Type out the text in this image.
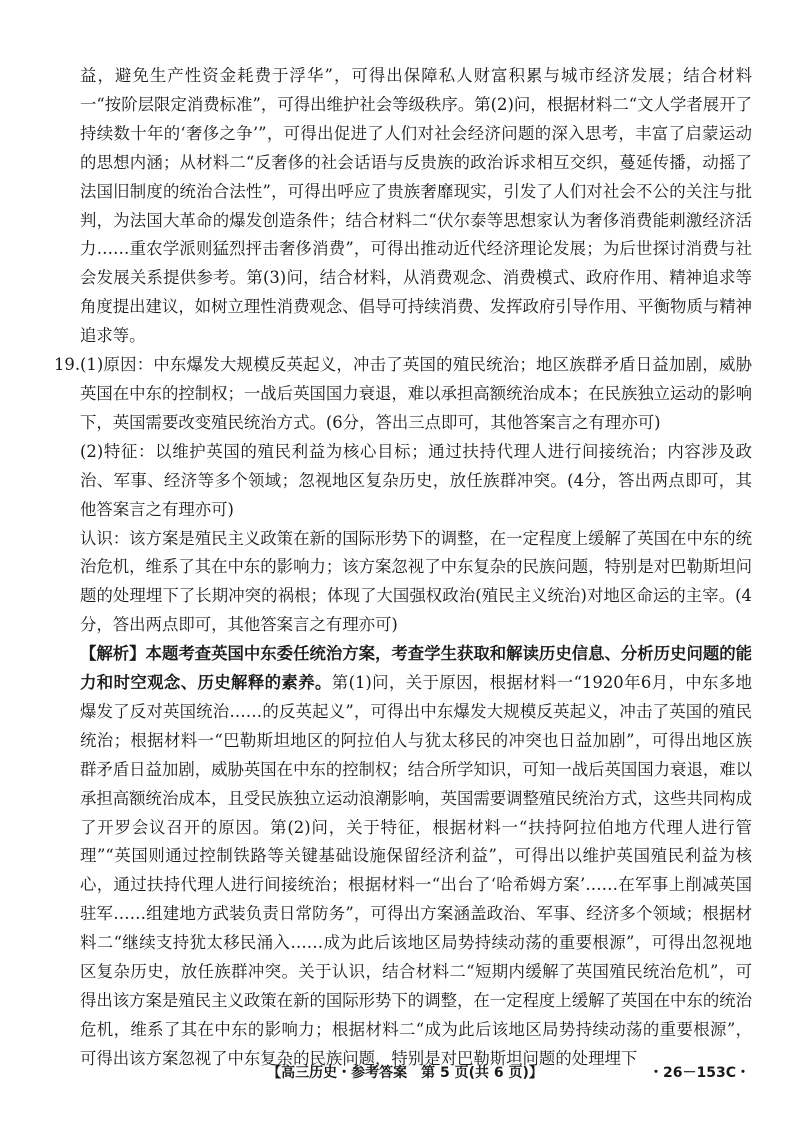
益，避免生产性资金耗费于浮华”，可得出保障私人财富积累与城市经济发展；结合材料一“按阶层限定消费标准”，可得出维护社会等级秩序。第(2)问，根据材料二“文人学者展开了持续数十年的‘奢侈之争’”，可得出促进了人们对社会经济问题的深入思考，丰富了启蒙运动的思想内涵；从材料二“反奢侈的社会话语与反贵族的政治诉求相互交织，蔓延传播，动摇了法国旧制度的统治合法性”，可得出呼应了贵族奢靡现实，引发了人们对社会不公的关注与批判，为法国大革命的爆发创造条件；结合材料二“伏尔泰等思想家认为奢侈消费能刺激经济活力……重农学派则猛烈抨击奢侈消费”，可得出推动近代经济理论发展；为后世探讨消费与社会发展关系提供参考。第(3)问，结合材料，从消费观念、消费模式、政府作用、精神追求等角度提出建议，如树立理性消费观念、倡导可持续消费、发挥政府引导作用、平衡物质与精神追求等。

19. (1)原因：中东爆发大规模反英起义，冲击了英国的殖民统治；地区族群矛盾日益加剧，威胁英国在中东的控制权；一战后英国国力衰退，难以承担高额统治成本；在民族独立运动的影响下，英国需要改变殖民统治方式。(6分，答出三点即可，其他答案言之有理亦可)

(2)特征：以维护英国的殖民利益为核心目标；通过扶持代理人进行间接统治；内容涉及政治、军事、经济等多个领域；忽视地区复杂历史，放任族群冲突。(4分，答出两点即可，其他答案言之有理亦可)

认识：该方案是殖民主义政策在新的国际形势下的调整，在一定程度上缓解了英国在中东的统治危机，维系了其在中东的影响力；该方案忽视了中东复杂的民族问题，特别是对巴勒斯坦问题的处理埋下了长期冲突的祸根；体现了大国强权政治(殖民主义统治)对地区命运的主宰。(4分，答出两点即可，其他答案言之有理亦可)

【解析】本题考查英国中东委任统治方案，考查学生获取和解读历史信息、分析历史问题的能力和时空观念、历史解释的素养。第(1)问，关于原因，根据材料一“1920年6月，中东多地爆发了反对英国统治……的反英起义”，可得出中东爆发大规模反英起义，冲击了英国的殖民统治；根据材料一“巴勒斯坦地区的阿拉伯人与犹太移民的冲突也日益加剧”，可得出地区族群矛盾日益加剧，威胁英国在中东的控制权；结合所学知识，可知一战后英国国力衰退，难以承担高额统治成本，且受民族独立运动浪潮影响，英国需要调整殖民统治方式，这些共同构成了开罗会议召开的原因。第(2)问，关于特征，根据材料一“扶持阿拉伯地方代理人进行管理”“英国则通过控制铁路等关键基础设施保留经济利益”，可得出以维护英国殖民利益为核心，通过扶持代理人进行间接统治；根据材料一“出台了‘哈希姆方案’……在军事上削减英国驻军……组建地方武装负责日常防务”，可得出方案涵盖政治、军事、经济多个领域；根据材料二“继续支持犹太移民涌入……成为此后该地区局势持续动荡的重要根源”，可得出忽视地区复杂历史，放任族群冲突。关于认识，结合材料二“短期内缓解了英国殖民统治危机”，可得出该方案是殖民主义政策在新的国际形势下的调整，在一定程度上缓解了英国在中东的统治危机，维系了其在中东的影响力；根据材料二“成为此后该地区局势持续动荡的重要根源”，可得出该方案忽视了中东复杂的民族问题，特别是对巴勒斯坦问题的处理埋下

【高三历史・参考答案　第 5 页(共 6 页)】	・26－153C・
